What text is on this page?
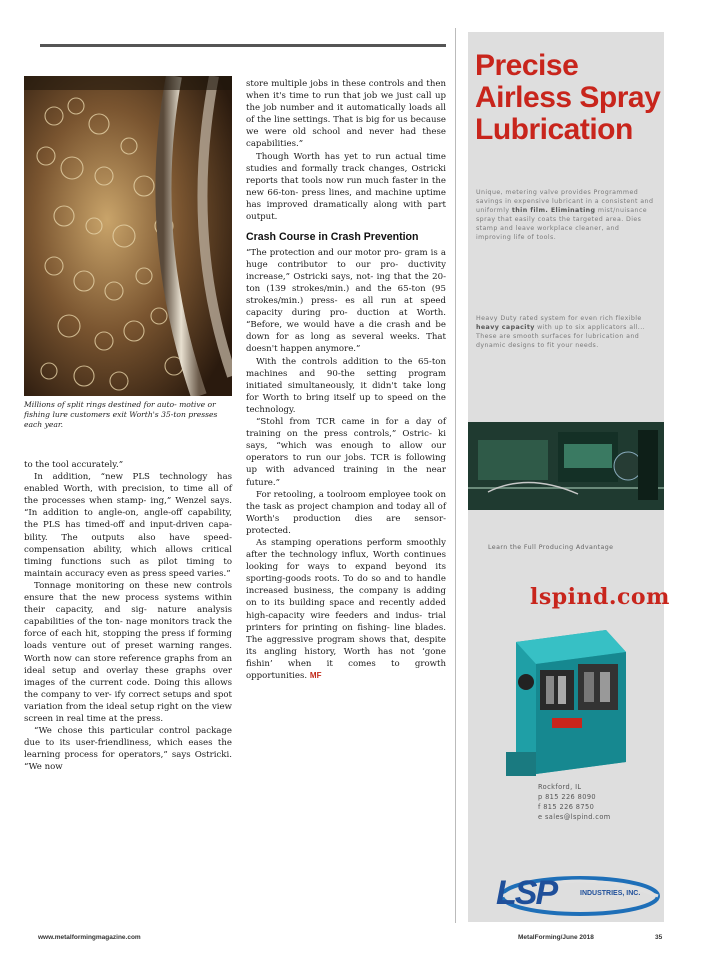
Millions of split rings destined for auto- motive or fishing lure customers exit Worth's 35-ton presses each year.

to the tool accurately.”

In addition, “new PLS technology has enabled Worth, with precision, to time all of the processes when stamp- ing,” Wenzel says. “In addition to angle-on, angle-off capability, the PLS has timed-off and input-driven capa- bility. The outputs also have speed- compensation ability, which allows critical timing functions such as pilot timing to maintain accuracy even as press speed varies.”

Tonnage monitoring on these new controls ensure that the new process systems within their capacity, and sig- nature analysis capabilities of the ton- nage monitors track the force of each hit, stopping the press if forming loads venture out of preset warning ranges. Worth now can store reference graphs from an ideal setup and overlay these graphs over images of the current code. Doing this allows the company to ver- ify correct setups and spot variation from the ideal setup right on the view screen in real time at the press.

“We chose this particular control package due to its user-friendliness, which eases the learning process for operators,” says Ostricki. “We now

store multiple jobs in these controls and then when it's time to run that job we just call up the job number and it automatically loads all of the line settings. That is big for us because we were old school and never had these capabilities.”

Though Worth has yet to run actual time studies and formally track changes, Ostricki reports that tools now run much faster in the new 66-ton- press lines, and machine uptime has improved dramatically along with part output.

Crash Course in Crash Prevention

“The protection and our motor pro- gram is a huge contributor to our pro- ductivity increase,” Ostricki says, not- ing that the 20-ton (139 strokes/min.) and the 65-ton (95 strokes/min.) press- es all run at speed capacity during pro- duction at Worth. “Before, we would have a die crash and be down for as long as several weeks. That doesn't happen anymore.”

With the controls addition to the 65-ton machines and 90-the setting program initiated simultaneously, it didn't take long for Worth to bring itself up to speed on the technology.

“Stohl from TCR came in for a day of training on the press controls,” Ostric- ki says, “which was enough to allow our operators to run our jobs. TCR is following up with advanced training in the near future.”

For retooling, a toolroom employee took on the task as project champion and today all of Worth's production dies are sensor-protected.

As stamping operations perform smoothly after the technology influx, Worth continues looking for ways to expand beyond its sporting-goods roots. To do so and to handle increased business, the company is adding on to its building space and recently added high-capacity wire feeders and indus- trial printers for printing on fishing- line blades. The aggressive program shows that, despite its angling history, Worth has not ‘gone fishin’ when it comes to growth opportunities. MF

Precise Airless Spray Lubrication
Unique, metering valve provides Programmed savings in expensive lubricant in a consistent and uniformly thin film. Eliminating mist/nuisance spray that easily coats the targeted area. Dies stamp and leave workplace cleaner, and improving life of tools.
Heavy Duty rated system for even rich flexible heavy capacity with up to six applicators all... These are smooth surfaces for lubrication and dynamic designs to fit your needs.
Learn the Full Producing Advantage
lspind.com
Rockford, IL
p 815 226 8090
f 815 226 8750
e sales@lspind.com
LSP	INDUSTRIES, INC.
www.metalformingmagazine.com	MetalForming/June 2018	35
